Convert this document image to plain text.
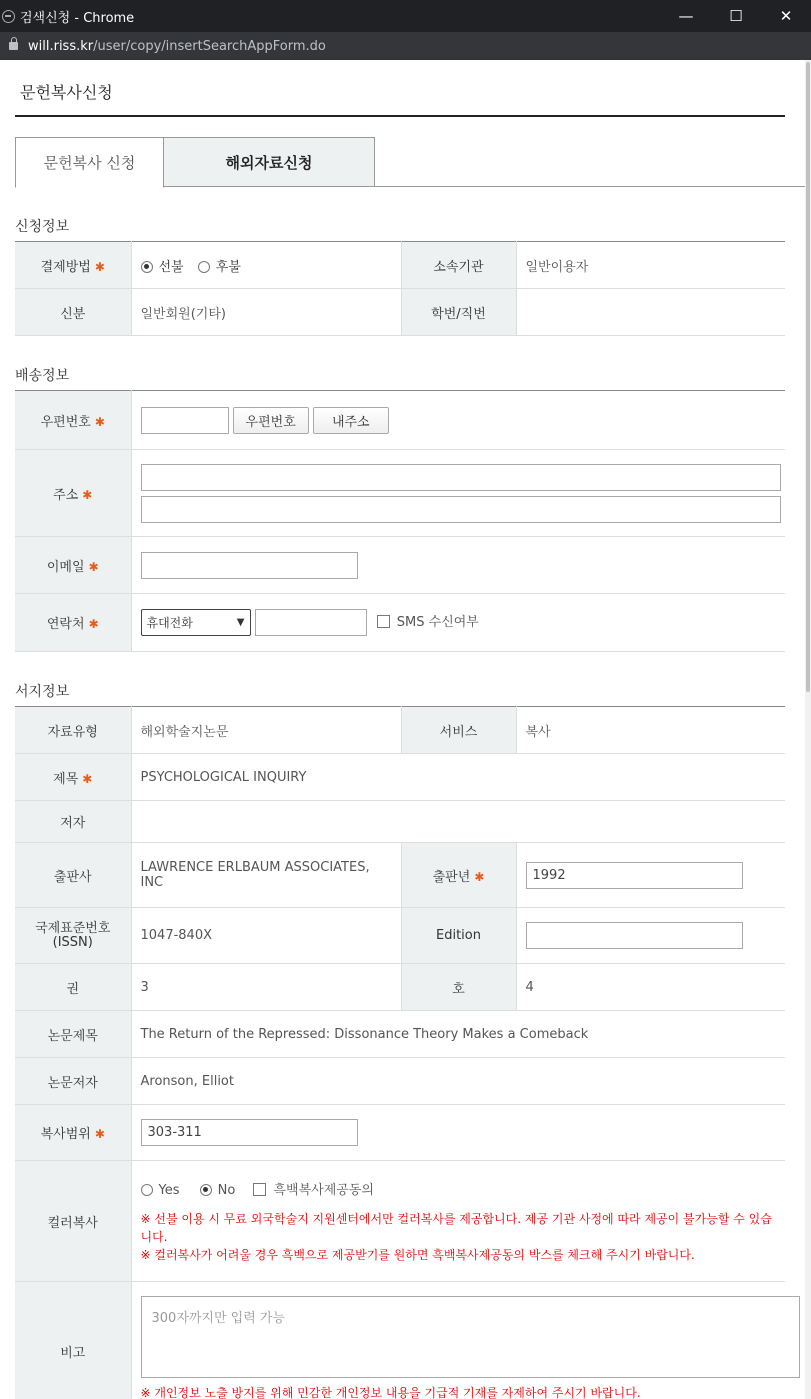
검색신청 - Chrome	—	☐	✕
will.riss.kr /user/copy/insertSearchAppForm.do
문헌복사신청
문헌복사 신청	해외자료신청
신청정보
결제방법 ✱	선불 후불	소속기관	일반이용자
신분	일반회원(기타)	학번/직번	
배송정보
우편번호 ✱	우편번호 내주소
주소 ✱	

이메일 ✱	
연락처 ✱	휴대전화 ▼ SMS 수신여부
서지정보
자료유형	해외학술지논문	서비스	복사
제목 ✱	PSYCHOLOGICAL INQUIRY		
저자			
출판사	LAWRENCE ERLBAUM ASSOCIATES, INC	출판년 ✱	1992
국제표준번호 (ISSN)	1047-840X	Edition	
권	3	호	4
논문제목	The Return of the Repressed: Dissonance Theory Makes a Comeback		
논문저자	Aronson, Elliot		
복사범위 ✱	303-311		
컬러복사	Yes No 흑백복사제공동의
※ 선불 이용 시 무료 외국학술지 지원센터에서만 컬러복사를 제공합니다. 제공 기관 사정에 따라 제공이 불가능할 수 있습니다.
※ 컬러복사가 어려울 경우 흑백으로 제공받기를 원하면 흑백복사제공동의 박스를 체크해 주시기 바랍니다.		

비고	300자까지만 입력 가능
※ 개인정보 노출 방지를 위해 민감한 개인정보 내용을 기급적 기재를 자제하여 주시기 바랍니다.		
